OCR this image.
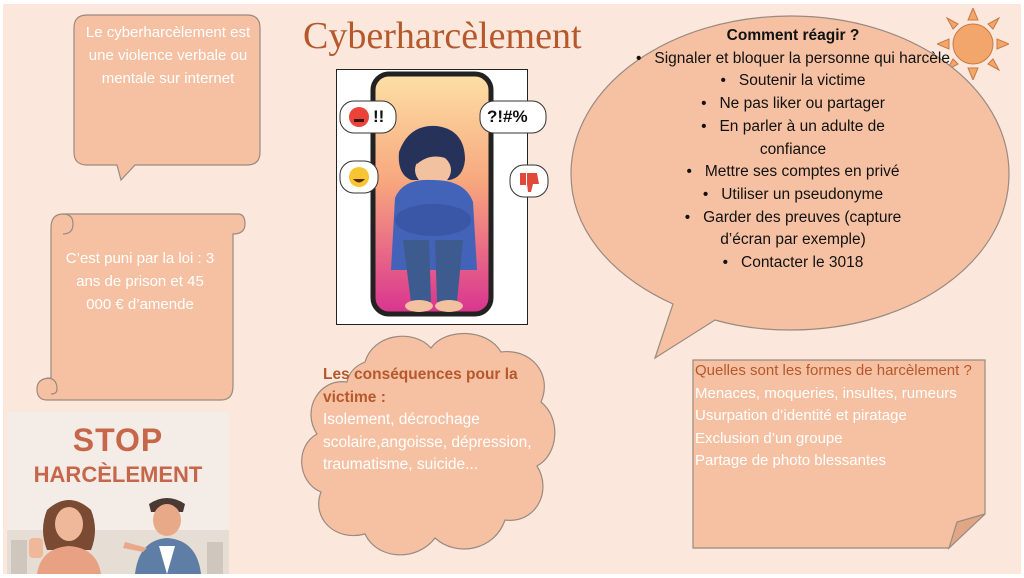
Cyberharcèlement
Le cyberharcèlement est une violence verbale ou mentale sur internet
C’est puni par la loi : 3 ans de prison et 45 000 € d’amende
STOP
HARCÈLEMENT
!!	?!#%
Comment réagir ?
•   Signaler et bloquer la personne qui harcèle
•   Soutenir la victime
•   Ne pas liker ou partager
•   En parler à un adulte de confiance
•   Mettre ses comptes en privé
•   Utiliser un pseudonyme
•   Garder des preuves (capture d’écran par exemple)
•   Contacter le 3018
Les conséquences pour la victime :
Isolement, décrochage scolaire,angoisse, dépression, traumatisme, suicide...
Quelles sont les formes de harcèlement ?
Menaces, moqueries, insultes, rumeurs
Usurpation d’identité et piratage
Exclusion d’un groupe
Partage de photo blessantes
